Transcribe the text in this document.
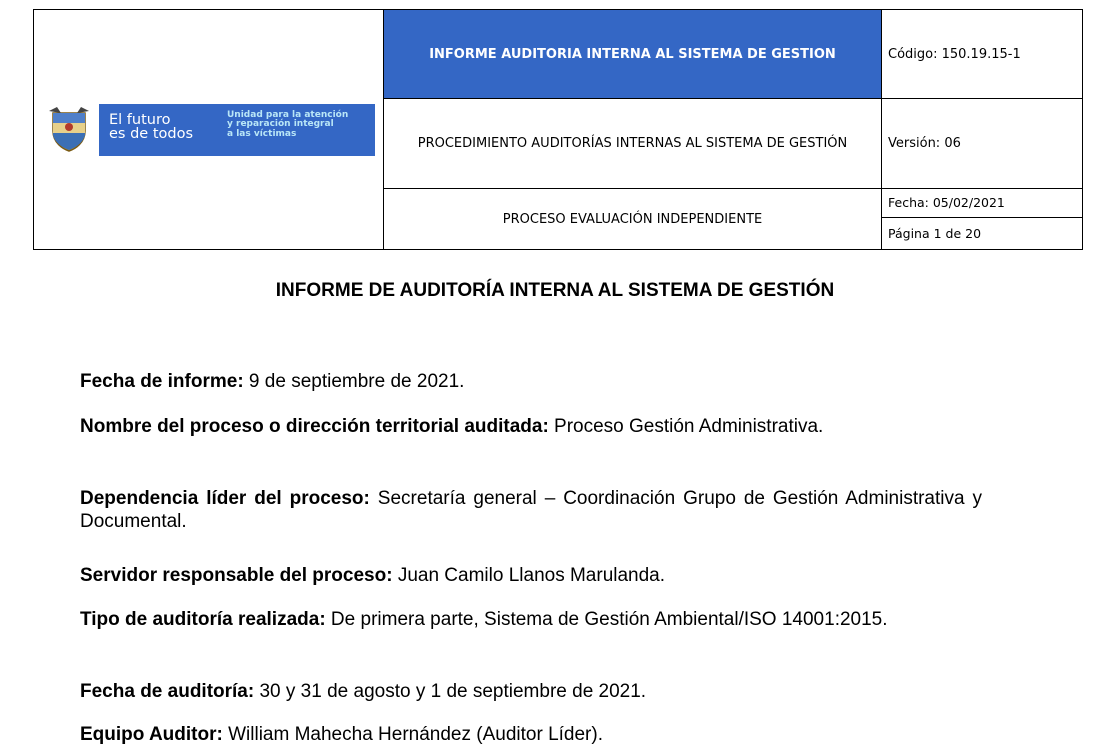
El futuro
es de todos
Unidad para la atención
y reparación integral
a las víctimas	INFORME AUDITORIA INTERNA AL SISTEMA DE GESTION	Código: 150.19.15-1
	PROCEDIMIENTO AUDITORÍAS INTERNAS AL SISTEMA DE GESTIÓN	Versión: 06
	PROCESO EVALUACIÓN INDEPENDIENTE	Fecha: 05/02/2021
		Página 1 de 20
INFORME DE AUDITORÍA INTERNA AL SISTEMA DE GESTIÓN
Fecha de informe: 9 de septiembre de 2021.
Nombre del proceso o dirección territorial auditada: Proceso Gestión Administrativa.
Dependencia líder del proceso: Secretaría general – Coordinación Grupo de Gestión Administrativa y Documental.
Servidor responsable del proceso: Juan Camilo Llanos Marulanda.
Tipo de auditoría realizada: De primera parte, Sistema de Gestión Ambiental/ISO 14001:2015.
Fecha de auditoría: 30 y 31 de agosto y 1 de septiembre de 2021.
Equipo Auditor: William Mahecha Hernández (Auditor Líder).
